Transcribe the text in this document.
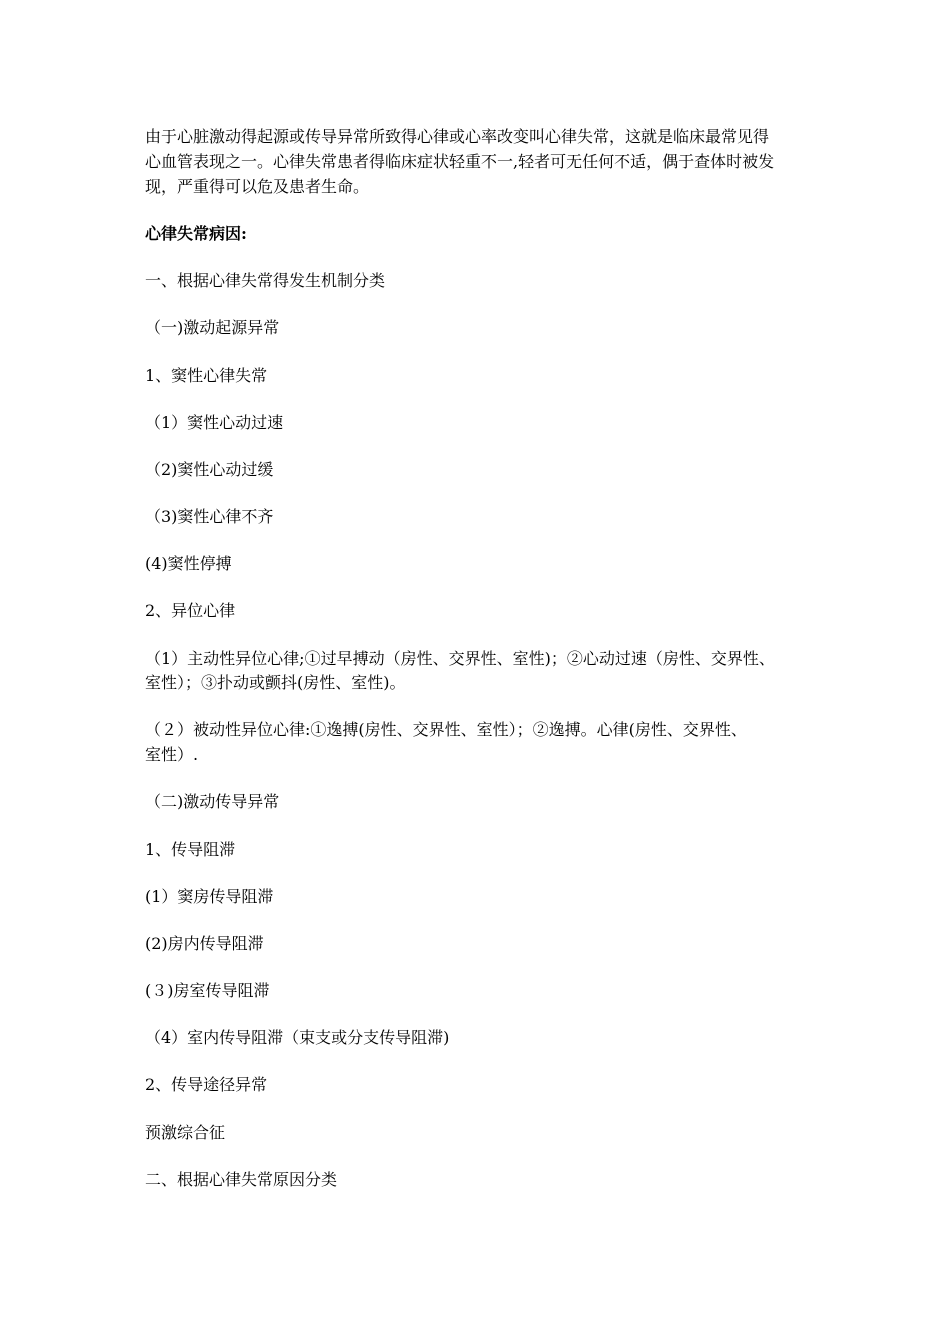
由于心脏激动得起源或传导异常所致得心律或心率改变叫心律失常，这就是临床最常见得
心血管表现之一。心律失常患者得临床症状轻重不一,轻者可无任何不适，偶于查体时被发
现，严重得可以危及患者生命。
心律失常病因:
一、根据心律失常得发生机制分类
（一)激动起源异常
1、窦性心律失常
（1）窦性心动过速
（2)窦性心动过缓
（3)窦性心律不齐
(4)窦性停搏
2、异位心律
（1）主动性异位心律;①过早搏动（房性、交界性、室性)；②心动过速（房性、交界性、
室性）；③扑动或颤抖(房性、室性)。
（２）被动性异位心律:①逸搏(房性、交界性、室性）；②逸搏。心律(房性、交界性、
室性）.
（二)激动传导异常
1、传导阻滞
(1）窦房传导阻滞
(2)房内传导阻滞
(３)房室传导阻滞
（4）室内传导阻滞（束支或分支传导阻滞)
2、传导途径异常
预激综合征
二、根据心律失常原因分类
